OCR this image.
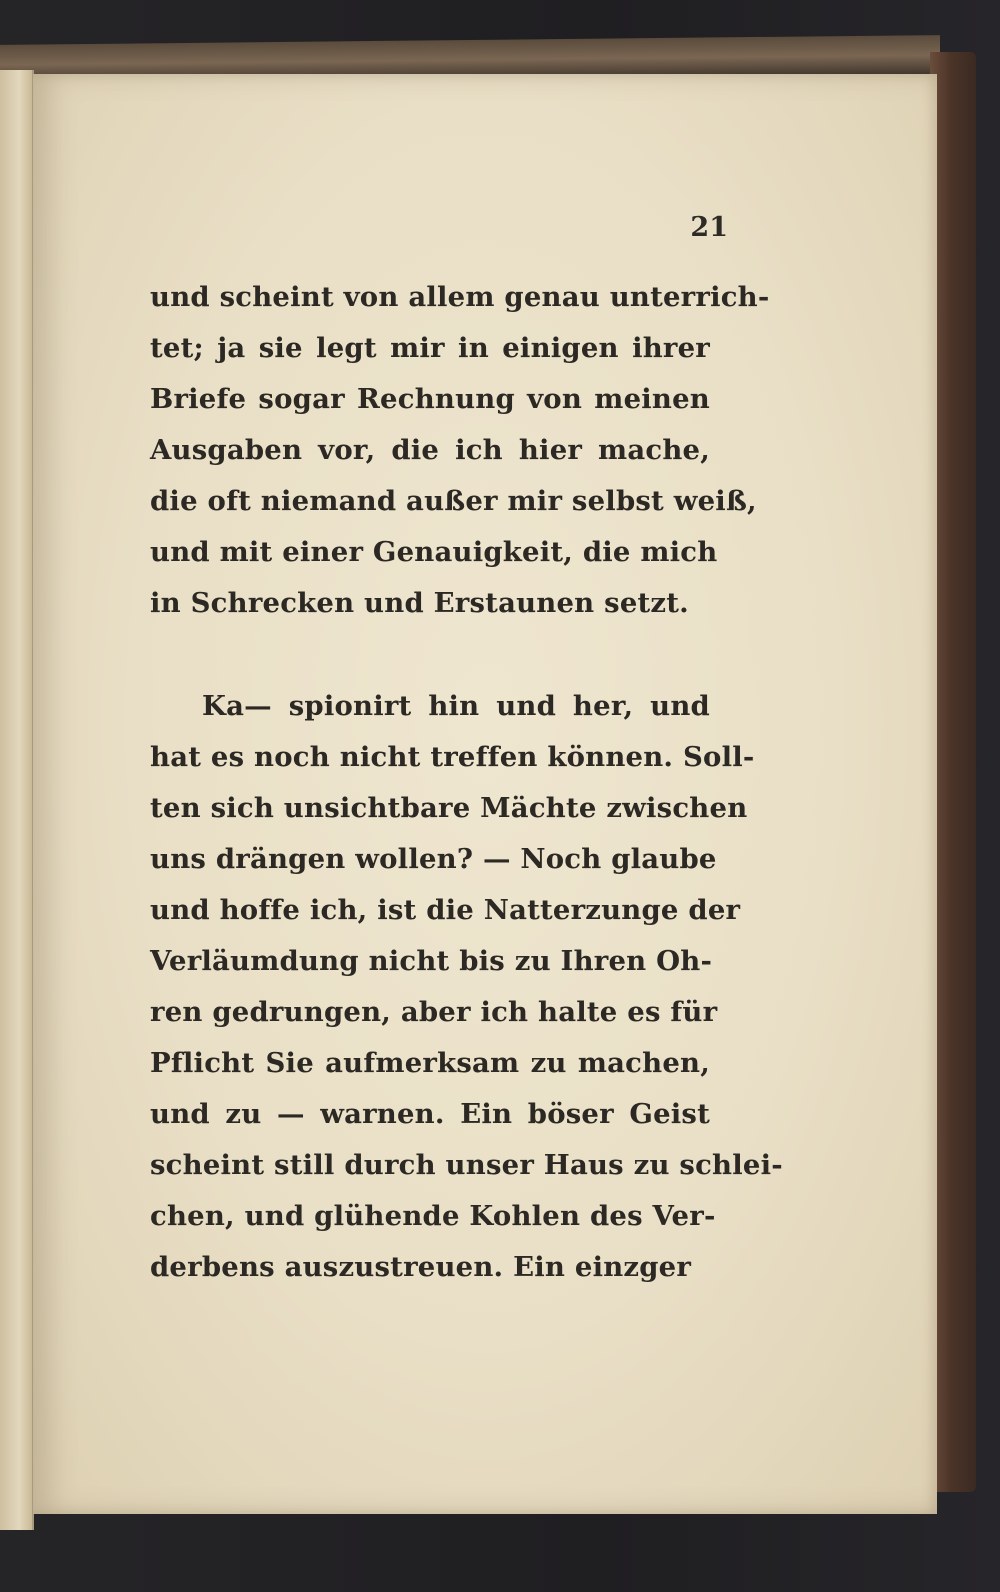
21
und scheint von allem genau unterrich-
tet; ja sie legt mir in einigen ihrer
Briefe sogar Rechnung von meinen
Ausgaben vor, die ich hier mache,
die oft niemand außer mir selbst weiß,
und mit einer Genauigkeit, die mich
in Schrecken und Erstaunen setzt.
Ka— spionirt hin und her, und
hat es noch nicht treffen können. Soll-
ten sich unsichtbare Mächte zwischen
uns drängen wollen? — Noch glaube
und hoffe ich, ist die Natterzunge der
Verläumdung nicht bis zu Ihren Oh-
ren gedrungen, aber ich halte es für
Pflicht Sie aufmerksam zu machen,
und zu — warnen. Ein böser Geist
scheint still durch unser Haus zu schlei-
chen, und glühende Kohlen des Ver-
derbens auszustreuen. Ein einzger
